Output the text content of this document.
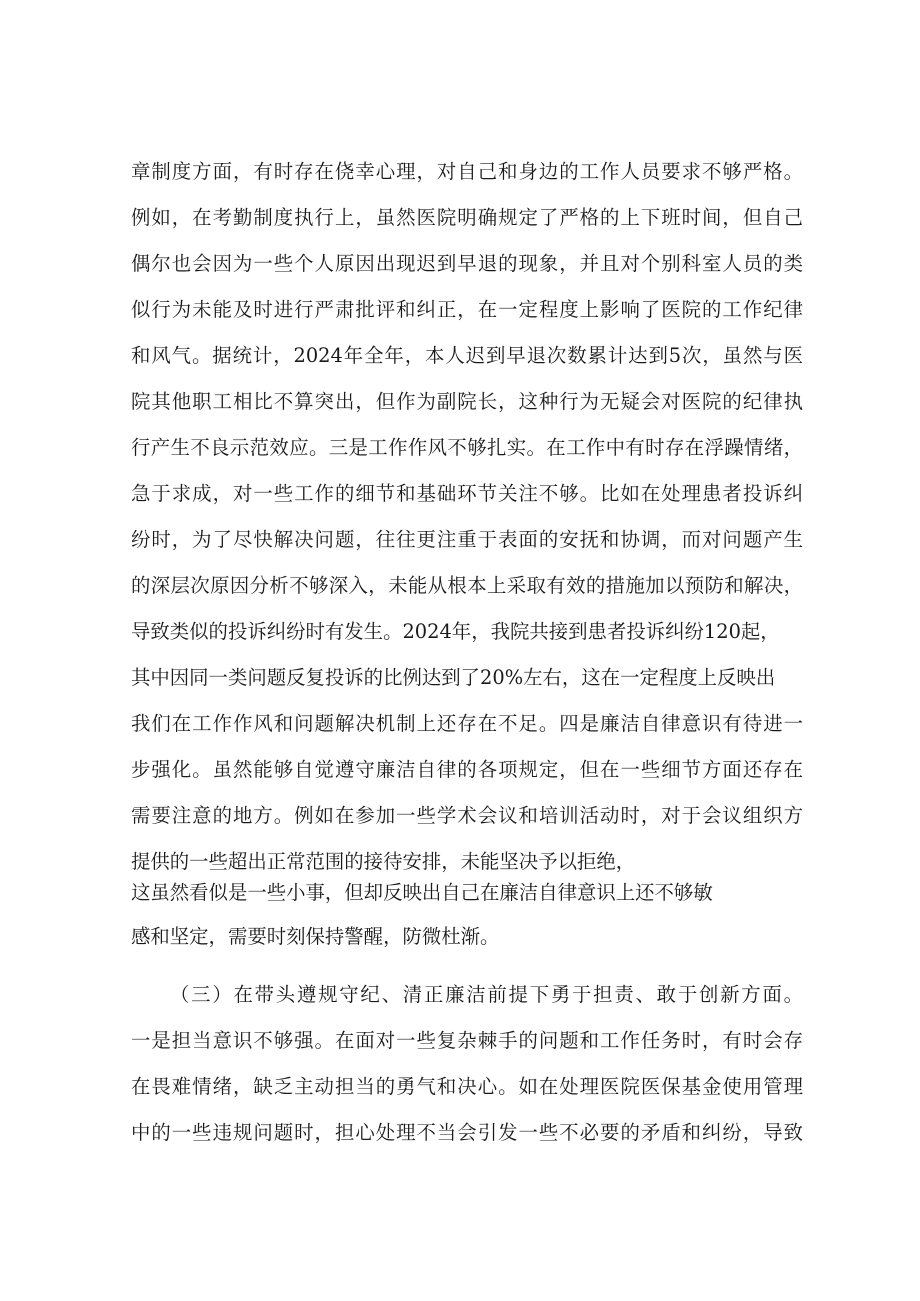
章制度方面，有时存在侥幸心理，对自己和身边的工作人员要求不够严格。
例如，在考勤制度执行上，虽然医院明确规定了严格的上下班时间，但自己
偶尔也会因为一些个人原因出现迟到早退的现象，并且对个别科室人员的类
似行为未能及时进行严肃批评和纠正，在一定程度上影响了医院的工作纪律
和风气。据统计，2024年全年，本人迟到早退次数累计达到5次，虽然与医
院其他职工相比不算突出，但作为副院长，这种行为无疑会对医院的纪律执
行产生不良示范效应。三是工作作风不够扎实。在工作中有时存在浮躁情绪，
急于求成，对一些工作的细节和基础环节关注不够。比如在处理患者投诉纠
纷时，为了尽快解决问题，往往更注重于表面的安抚和协调，而对问题产生
的深层次原因分析不够深入，未能从根本上采取有效的措施加以预防和解决，
导致类似的投诉纠纷时有发生。2024年，我院共接到患者投诉纠纷120起，
其中因同一类问题反复投诉的比例达到了20%左右，这在一定程度上反映出
我们在工作作风和问题解决机制上还存在不足。四是廉洁自律意识有待进一
步强化。虽然能够自觉遵守廉洁自律的各项规定，但在一些细节方面还存在
需要注意的地方。例如在参加一些学术会议和培训活动时，对于会议组织方
提供的一些超出正常范围的接待安排，未能坚决予以拒绝，
这虽然看似是一些小事，但却反映出自己在廉洁自律意识上还不够敏
感和坚定，需要时刻保持警醒，防微杜渐。
（三）在带头遵规守纪、清正廉洁前提下勇于担责、敢于创新方面。
一是担当意识不够强。在面对一些复杂棘手的问题和工作任务时，有时会存
在畏难情绪，缺乏主动担当的勇气和决心。如在处理医院医保基金使用管理
中的一些违规问题时，担心处理不当会引发一些不必要的矛盾和纠纷，导致
